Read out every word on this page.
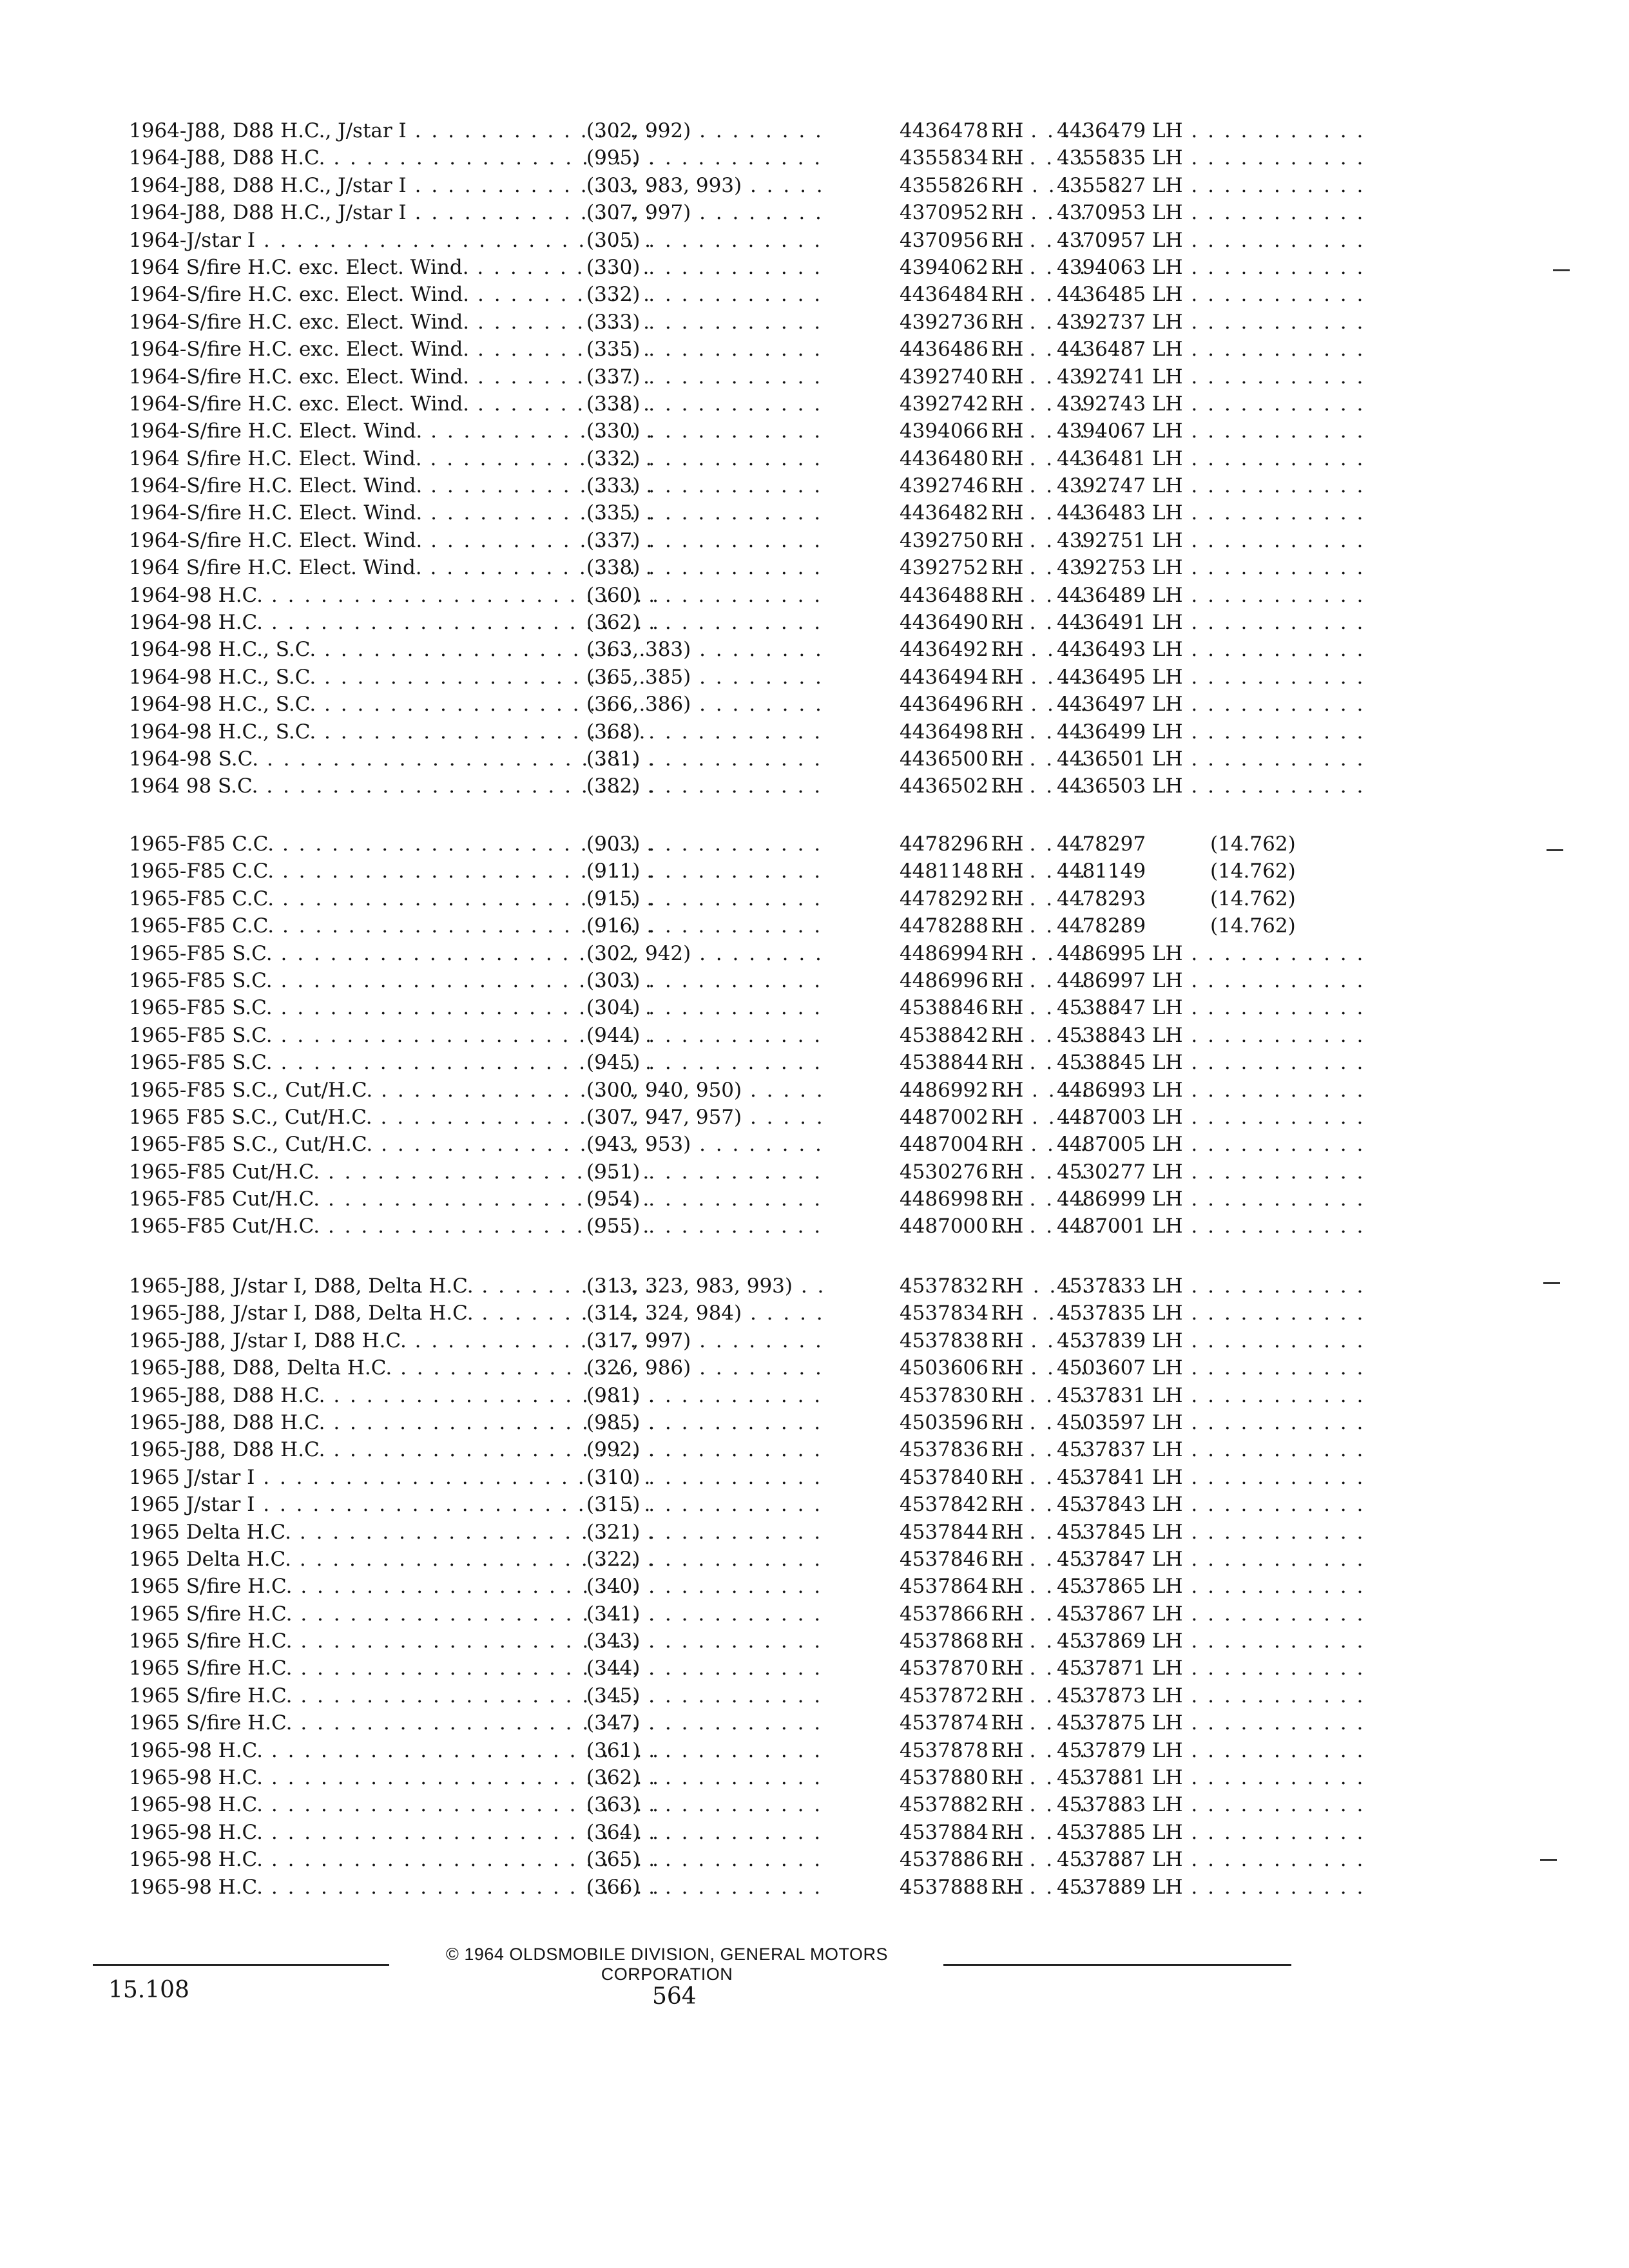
1964-J88, D88 H.C., J/star I . . .	(302, 992) . . .	4436478 RH 4436479 LH . . .
1964-J88, D88 H.C. . . .	(995) . . .	4355834 RH 4355835 LH . . .
1964-J88, D88 H.C., J/star I . . .	(303, 983, 993) . . .	4355826 RH 4355827 LH . . .
1964-J88, D88 H.C., J/star I . . .	(307, 997) . . .	4370952 RH 4370953 LH . . .
1964-J/star I . . .	(305) . . .	4370956 RH 4370957 LH . . .
1964 S/fire H.C. exc. Elect. Wind. . . .	(330) . . .	4394062 RH 4394063 LH . . .
1964-S/fire H.C. exc. Elect. Wind. . . .	(332) . . .	4436484 RH 4436485 LH . . .
1964-S/fire H.C. exc. Elect. Wind. . . .	(333) . . .	4392736 RH 4392737 LH . . .
1964-S/fire H.C. exc. Elect. Wind. . . .	(335) . . .	4436486 RH 4436487 LH . . .
1964-S/fire H.C. exc. Elect. Wind. . . .	(337) . . .	4392740 RH 4392741 LH . . .
1964-S/fire H.C. exc. Elect. Wind. . . .	(338) . . .	4392742 RH 4392743 LH . . .
1964-S/fire H.C. Elect. Wind. . . .	(330) . . .	4394066 RH 4394067 LH . . .
1964 S/fire H.C. Elect. Wind. . . .	(332) . . .	4436480 RH 4436481 LH . . .
1964-S/fire H.C. Elect. Wind. . . .	(333) . . .	4392746 RH 4392747 LH . . .
1964-S/fire H.C. Elect. Wind. . . .	(335) . . .	4436482 RH 4436483 LH . . .
1964-S/fire H.C. Elect. Wind. . . .	(337) . . .	4392750 RH 4392751 LH . . .
1964 S/fire H.C. Elect. Wind. . . .	(338) . . .	4392752 RH 4392753 LH . . .
1964-98 H.C. . . .	(360) . . .	4436488 RH 4436489 LH . . .
1964-98 H.C. . . .	(362) . . .	4436490 RH 4436491 LH . . .
1964-98 H.C., S.C. . . .	(363, 383) . . .	4436492 RH 4436493 LH . . .
1964-98 H.C., S.C. . . .	(365, 385) . . .	4436494 RH 4436495 LH . . .
1964-98 H.C., S.C. . . .	(366, 386) . . .	4436496 RH 4436497 LH . . .
1964-98 H.C., S.C. . . .	(368) . . .	4436498 RH 4436499 LH . . .
1964-98 S.C. . . .	(381) . . .	4436500 RH 4436501 LH . . .
1964 98 S.C. . . .	(382) . . .	4436502 RH 4436503 LH . . .
1965-F85 C.C. . . .	(903) . . .	4478296 RH 4478297	(14.762)
1965-F85 C.C. . . .	(911) . . .	4481148 RH 4481149	(14.762)
1965-F85 C.C. . . .	(915) . . .	4478292 RH 4478293	(14.762)
1965-F85 C.C. . . .	(916) . . .	4478288 RH 4478289	(14.762)
1965-F85 S.C. . . .	(302, 942) . . .	4486994 RH 4486995 LH . . .
1965-F85 S.C. . . .	(303) . . .	4486996 RH 4486997 LH . . .
1965-F85 S.C. . . .	(304) . . .	4538846 RH 4538847 LH . . .
1965-F85 S.C. . . .	(944) . . .	4538842 RH 4538843 LH . . .
1965-F85 S.C. . . .	(945) . . .	4538844 RH 4538845 LH . . .
1965-F85 S.C., Cut/H.C. . . .	(300, 940, 950) . . .	4486992 RH 4486993 LH . . .
1965 F85 S.C., Cut/H.C. . . .	(307, 947, 957) . . .	4487002 RH 4487003 LH . . .
1965-F85 S.C., Cut/H.C. . . .	(943, 953) . . .	4487004 RH 4487005 LH . . .
1965-F85 Cut/H.C. . . .	(951) . . .	4530276 RH 4530277 LH . . .
1965-F85 Cut/H.C. . . .	(954) . . .	4486998 RH 4486999 LH . . .
1965-F85 Cut/H.C. . . .	(955) . . .	4487000 RH 4487001 LH . . .
1965-J88, J/star I, D88, Delta H.C. . . .	(313, 323, 983, 993) . . .	4537832 RH 4537833 LH . . .
1965-J88, J/star I, D88, Delta H.C. . . .	(314, 324, 984) . . .	4537834 RH 4537835 LH . . .
1965-J88, J/star I, D88 H.C. . . .	(317, 997) . . .	4537838 RH 4537839 LH . . .
1965-J88, D88, Delta H.C. . . .	(326, 986) . . .	4503606 RH 4503607 LH . . .
1965-J88, D88 H.C. . . .	(981) . . .	4537830 RH 4537831 LH . . .
1965-J88, D88 H.C. . . .	(985) . . .	4503596 RH 4503597 LH . . .
1965-J88, D88 H.C. . . .	(992) . . .	4537836 RH 4537837 LH . . .
1965 J/star I . . .	(310) . . .	4537840 RH 4537841 LH . . .
1965 J/star I . . .	(315) . . .	4537842 RH 4537843 LH . . .
1965 Delta H.C. . . .	(321) . . .	4537844 RH 4537845 LH . . .
1965 Delta H.C. . . .	(322) . . .	4537846 RH 4537847 LH . . .
1965 S/fire H.C. . . .	(340) . . .	4537864 RH 4537865 LH . . .
1965 S/fire H.C. . . .	(341) . . .	4537866 RH 4537867 LH . . .
1965 S/fire H.C. . . .	(343) . . .	4537868 RH 4537869 LH . . .
1965 S/fire H.C. . . .	(344) . . .	4537870 RH 4537871 LH . . .
1965 S/fire H.C. . . .	(345) . . .	4537872 RH 4537873 LH . . .
1965 S/fire H.C. . . .	(347) . . .	4537874 RH 4537875 LH . . .
1965-98 H.C. . . .	(361) . . .	4537878 RH 4537879 LH . . .
1965-98 H.C. . . .	(362) . . .	4537880 RH 4537881 LH . . .
1965-98 H.C. . . .	(363) . . .	4537882 RH 4537883 LH . . .
1965-98 H.C. . . .	(364) . . .	4537884 RH 4537885 LH . . .
1965-98 H.C. . . .	(365) . . .	4537886 RH 4537887 LH . . .
1965-98 H.C. . . .	(366) . . .	4537888 RH 4537889 LH . . .
© 1964 OLDSMOBILE DIVISION, GENERAL MOTORS CORPORATION
15.108	564
